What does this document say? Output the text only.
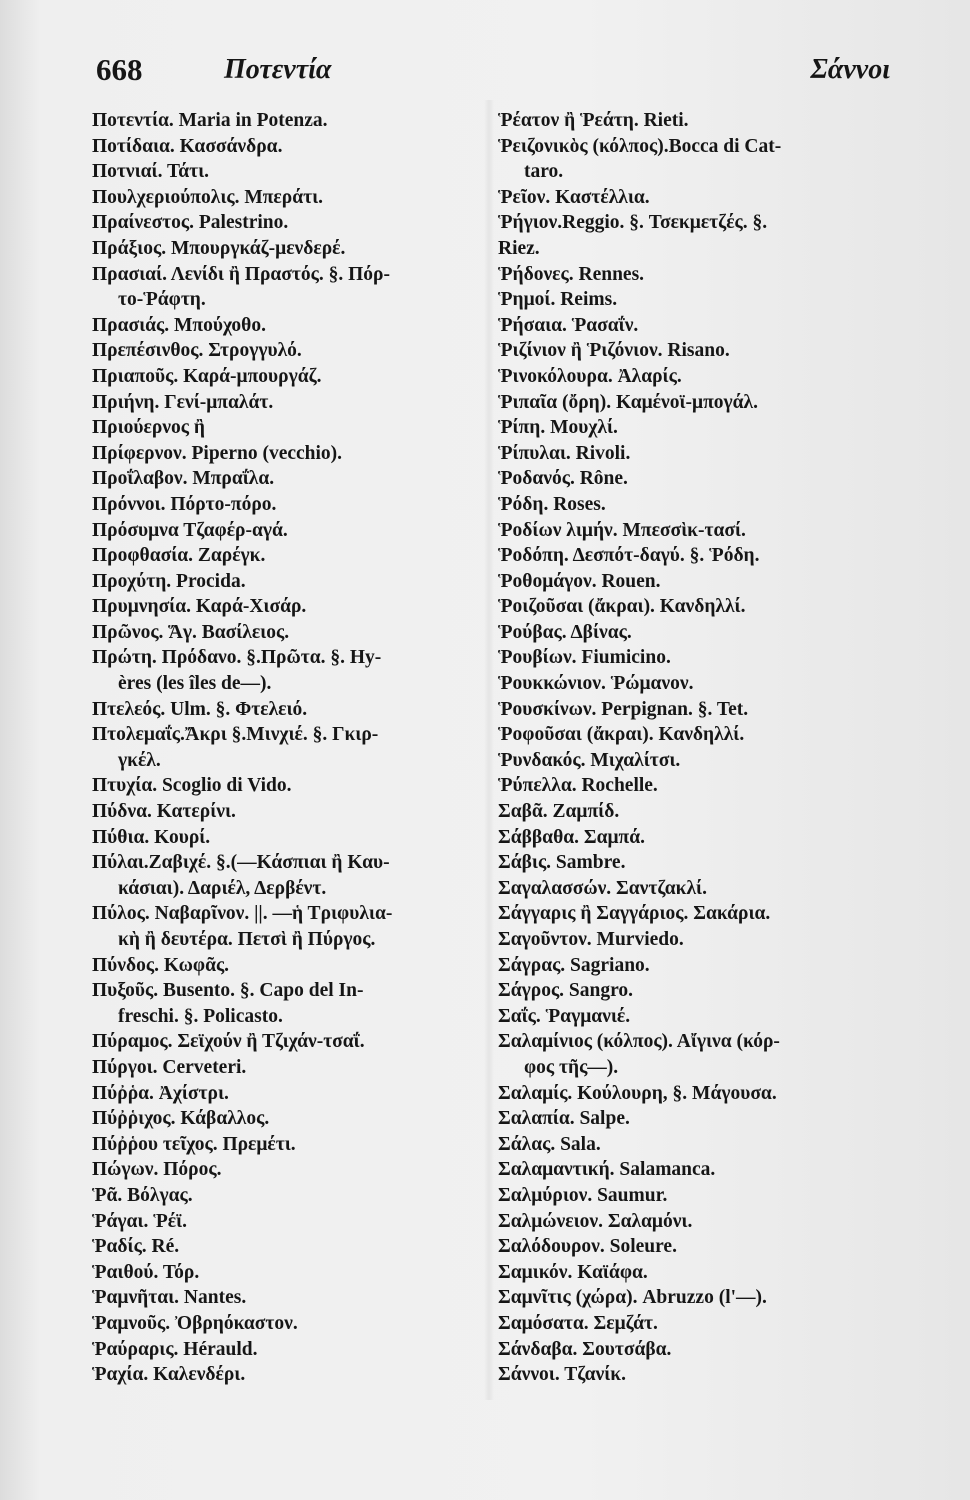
668	Ποτεντία	Σάννοι
Ποτεντία. Maria in Potenza.
Ποτίδαια. Κασσάνδρα.
Ποτνιαί. Τάτι.
Πουλχεριούπολις. Μπεράτι.
Πραίνεστος. Palestrino.
Πράξιος. Μπουργκάζ-μενδερέ.
Πρασιαί. Λενίδι ἢ Πραστός. §. Πόρ-
το-Ῥάφτη.
Πρασιάς. Μπούχοθο.
Πρεπέσινθος. Στρογγυλό.
Πριαποῦς. Καρά-μπουργάζ.
Πριήνη. Γενί-μπαλάτ.
Πριούερνος ἢ
Πρίφερνον. Piperno (vecchio).
Προΐλαβον. Μπραΐλα.
Πρόννοι. Πόρτο-πόρο.
Πρόσυμνα Τζαφέρ-αγά.
Προφθασία. Ζαρέγκ.
Προχύτη. Procida.
Πρυμνησία. Καρά-Χισάρ.
Πρῶνος. Ἅγ. Βασίλειος.
Πρώτη. Πρόδανο. §.Πρῶτα. §. Hy-
ères (les îles de—).
Πτελεός. Ulm. §. Φτελειό.
Πτολεμαΐς.Ἄκρι §.Μινχιέ. §. Γκιρ-
γκέλ.
Πτυχία. Scoglio di Vido.
Πύδνα. Κατερίνι.
Πύθια. Κουρί.
Πύλαι.Ζαβιχέ. §.(—Κάσπιαι ἢ Καυ-
κάσιαι). Δαριέλ, Δερβέντ.
Πύλος. Ναβαρῖνον. ||. —ἡ Τριφυλια-
κὴ ἢ δευτέρα. Πετσὶ ἢ Πύργος.
Πύνδος. Κωφᾶς.
Πυξοῦς. Busento. §. Capo del In-
freschi. §. Policasto.
Πύραμος. Σεϊχούν ἢ Τζιχάν-τσαΐ.
Πύργοι. Cerveteri.
Πύῤῥα. Ἀχίστρι.
Πύῤῥιχος. Κάβαλλος.
Πύῤῥου τεῖχος. Πρεμέτι.
Πώγων. Πόρος.
Ῥᾶ. Βόλγας.
Ῥάγαι. Ῥέϊ.
Ῥαδίς. Ré.
Ῥαιθού. Τόρ.
Ῥαμνῆται. Nantes.
Ῥαμνοῦς. Ὀβρηόκαστον.
Ῥαύραρις. Hérauld.
Ῥαχία. Καλενδέρι.
Ῥέατον ἢ Ῥεάτη. Rieti.
Ῥειζονικὸς (κόλπος).Bocca di Cat-
taro.
Ῥεῖον. Καστέλλια.
Ῥήγιον.Reggio. §. Τσεκμετζές. §.
Riez.
Ῥήδονες. Rennes.
Ῥημοί. Reims.
Ῥήσαια. Ῥασαΐν.
Ῥιζίνιον ἢ Ῥιζόνιον. Risano.
Ῥινοκόλουρα. Ἀλαρίς.
Ῥιπαῖα (ὄρη). Καμένοϊ-μπογάλ.
Ῥίπη. Μουχλί.
Ῥίπυλαι. Rivoli.
Ῥοδανός. Rône.
Ῥόδη. Roses.
Ῥοδίων λιμήν. Μπεσσὶκ-τασί.
Ῥοδόπη. Δεσπότ-δαγύ. §. Ῥόδη.
Ῥοθομάγον. Rouen.
Ῥοιζοῦσαι (ἄκραι). Κανδηλλί.
Ῥούβας. Δβίνας.
Ῥουβίων. Fiumicino.
Ῥουκκώνιον. Ῥώμανον.
Ῥουσκίνων. Perpignan. §. Tet.
Ῥοφοῦσαι (ἄκραι). Κανδηλλί.
Ῥυνδακός. Μιχαλίτσι.
Ῥύπελλα. Rochelle.
Σαβᾶ. Ζαμπίδ.
Σάββαθα. Σαμπά.
Σάβις. Sambre.
Σαγαλασσών. Σαντζακλί.
Σάγγαρις ἢ Σαγγάριος. Σακάρια.
Σαγοῦντον. Murviedo.
Σάγρας. Sagriano.
Σάγρος. Sangro.
Σαΐς. Ῥαγμανιέ.
Σαλαμίνιος (κόλπος). Αἴγινα (κόρ-
φος τῆς—).
Σαλαμίς. Κούλουρη, §. Μάγουσα.
Σαλαπία. Salpe.
Σάλας. Sala.
Σαλαμαντική. Salamanca.
Σαλμύριον. Saumur.
Σαλμώνειον. Σαλαμόνι.
Σαλόδουρον. Soleure.
Σαμικόν. Καϊάφα.
Σαμνῖτις (χώρα). Abruzzo (l'—).
Σαμόσατα. Σεμζάτ.
Σάνδαβα. Σουτσάβα.
Σάννοι. Τζανίκ.
